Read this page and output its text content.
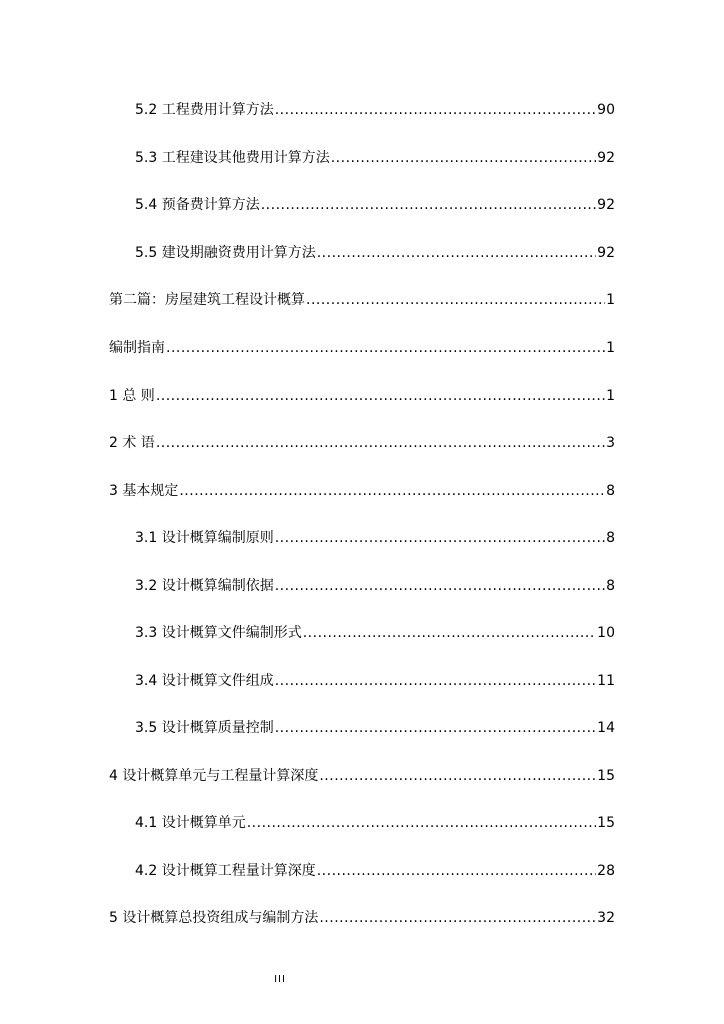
5.2 工程费用计算方法 .....	90
5.3 工程建设其他费用计算方法 .....	92
5.4 预备费计算方法 .....	92
5.5 建设期融资费用计算方法 .....	92
第二篇：房屋建筑工程设计概算 .....	1
编制指南 .....	1
1 总 则 .....	1
2 术 语 .....	3
3 基本规定 .....	8
3.1 设计概算编制原则 .....	8
3.2 设计概算编制依据 .....	8
3.3 设计概算文件编制形式 .....	10
3.4 设计概算文件组成 .....	11
3.5 设计概算质量控制 .....	14
4 设计概算单元与工程量计算深度 .....	15
4.1 设计概算单元 .....	15
4.2 设计概算工程量计算深度 .....	28
5 设计概算总投资组成与编制方法 .....	32
III
